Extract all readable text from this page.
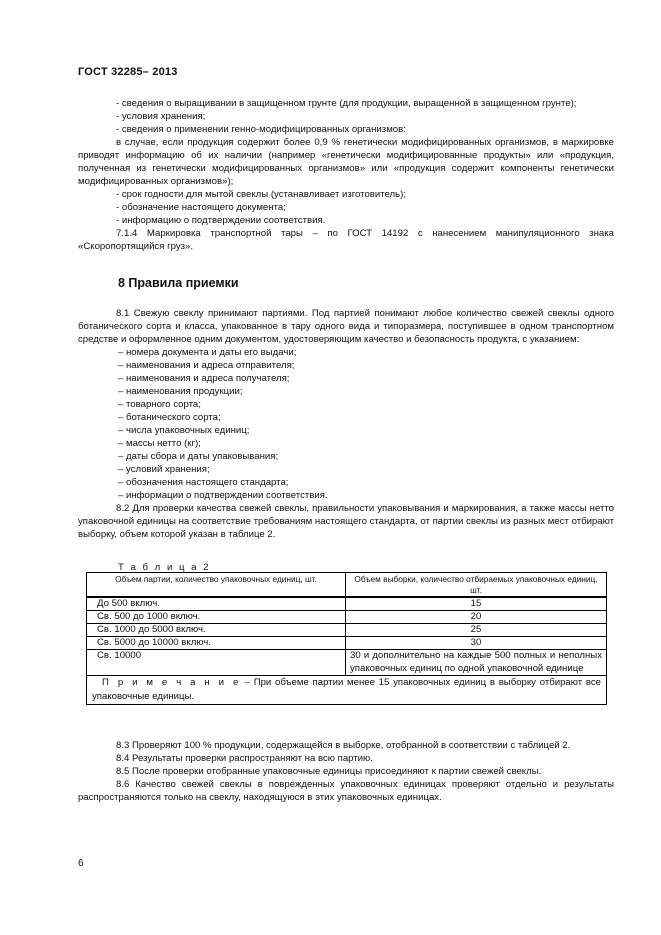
ГОСТ 32285– 2013

- сведения о выращивании в защищенном грунте (для продукции, выращенной в защищенном грунте);

- условия хранения;

- сведения о применении генно-модифицированных организмов:

в случае, если продукция содержит более 0,9 % генетически модифицированных организмов, в маркировке приводят информацию об их наличии (например «генетически модифицированные продукты» или «продукция, полученная из генетически модифицированных организмов» или «продукция содержит компоненты генетически модифицированных организмов»);

- срок годности для мытой свеклы (устанавливает изготовитель);

- обозначение настоящего документа;

- информацию о подтверждении соответствия.

7.1.4 Маркировка транспортной тары – по ГОСТ 14192 с нанесением манипуляционного знака «Скоропортящийся груз».

8 Правила приемки

8.1 Свежую свеклу принимают партиями. Под партией понимают любое количество свежей свеклы одного ботанического сорта и класса, упакованное в тару одного вида и типоразмера, поступившее в одном транспортном средстве и оформленное одним документом, удостоверяющим качество и безопасность продукта, с указанием:

– номера документа и даты его выдачи;

– наименования и адреса отправителя;

– наименования и адреса получателя;

– наименования продукции;

– товарного сорта;

– ботанического сорта;

– числа упаковочных единиц;

– массы нетто (кг);

– даты сбора и даты упаковывания;

– условий хранения;

– обозначения настоящего стандарта;

– информации о подтверждении соответствия.

8.2 Для проверки качества свежей свеклы, правильности упаковывания и маркирования, а также массы нетто упаковочной единицы на соответствие требованиям настоящего стандарта, от партии свеклы из разных мест отбирают выборку, объем которой указан в таблице 2.

Т а б л и ц а 2
Объем партии, количество упаковочных единиц, шт.	Объем выборки, количество отбираемых упаковочных единиц, шт.
До 500 включ.	15
Св. 500 до 1000 включ.	20
Св. 1000 до 5000 включ.	25
Св. 5000 до 10000 включ.	30
Св. 10000	30 и дополнительно на каждые 500 полных и неполных упаковочных единиц по одной упаковочной единице
П р и м е ч а н и е – При объеме партии менее 15 упаковочных единиц в выборку отбирают все упаковочные единицы.	

8.3 Проверяют 100 % продукции, содержащейся в выборке, отобранной в соответствии с таблицей 2.

8.4 Результаты проверки распространяют на всю партию.

8.5 После проверки отобранные упаковочные единицы присоединяют к партии свежей свеклы.

8.6 Качество свежей свеклы в поврежденных упаковочных единицах проверяют отдельно и результаты распространяются только на свеклу, находящуюся в этих упаковочных единицах.

6
